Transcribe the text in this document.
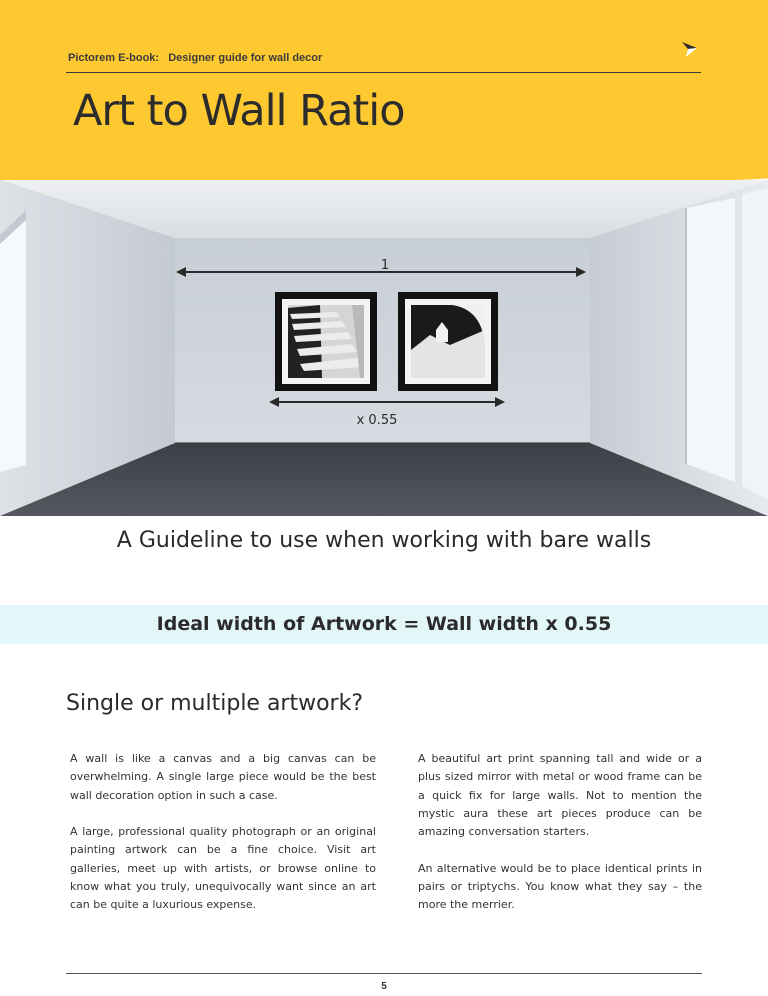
Pictorem E-book:   Designer guide for wall decor
Art to Wall Ratio
1
x 0.55
A Guideline to use when working with bare walls
Ideal width of Artwork = Wall width x 0.55
Single or multiple artwork?

A wall is like a canvas and a big canvas can be overwhelming. A single large piece would be the best wall decoration option in such a case.

A large, professional quality photograph or an original painting artwork can be a fine choice. Visit art galleries, meet up with artists, or browse online to know what you truly, unequivocally want since an art can be quite a luxurious expense.

A beautiful art print spanning tall and wide or a plus sized mirror with metal or wood frame can be a quick fix for large walls. Not to mention the mystic aura these art pieces produce can be amazing conversation starters.

An alternative would be to place identical prints in pairs or triptychs. You know what they say – the more the merrier.

5
